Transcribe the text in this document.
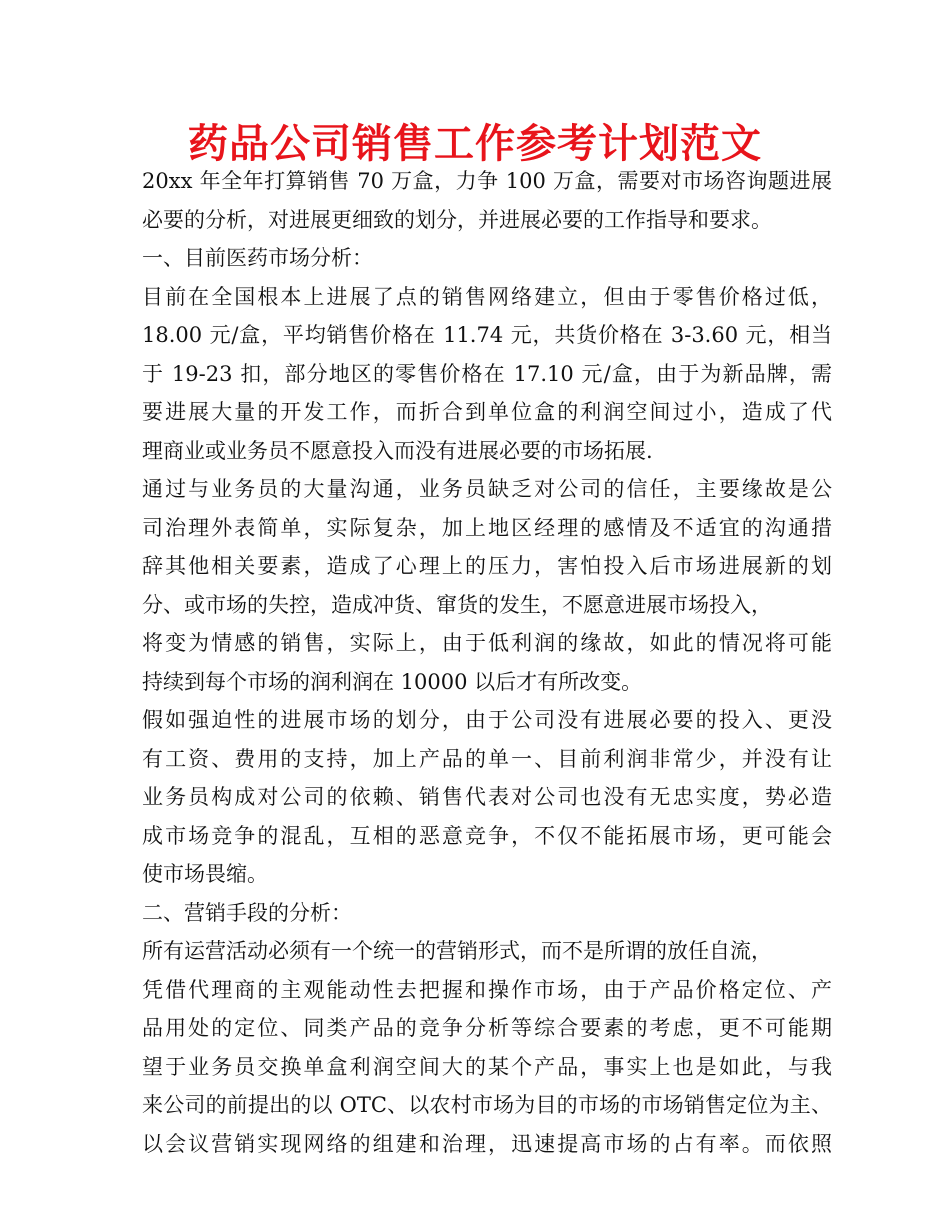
药品公司销售工作参考计划范文
20xx 年全年打算销售 70 万盒，力争 100 万盒，需要对市场咨询题进展
必要的分析，对进展更细致的划分，并进展必要的工作指导和要求。
一、目前医药市场分析：
目前在全国根本上进展了点的销售网络建立，但由于零售价格过低，
18.00 元/盒，平均销售价格在 11.74 元，共货价格在 3-3.60 元，相当
于 19-23 扣，部分地区的零售价格在 17.10 元/盒，由于为新品牌，需
要进展大量的开发工作，而折合到单位盒的利润空间过小，造成了代
理商业或业务员不愿意投入而没有进展必要的市场拓展.
通过与业务员的大量沟通，业务员缺乏对公司的信任，主要缘故是公
司治理外表简单，实际复杂，加上地区经理的感情及不适宜的沟通措
辞其他相关要素，造成了心理上的压力，害怕投入后市场进展新的划
分、或市场的失控，造成冲货、窜货的发生，不愿意进展市场投入，
将变为情感的销售，实际上，由于低利润的缘故，如此的情况将可能
持续到每个市场的润利润在 10000 以后才有所改变。
假如强迫性的进展市场的划分，由于公司没有进展必要的投入、更没
有工资、费用的支持，加上产品的单一、目前利润非常少，并没有让
业务员构成对公司的依赖、销售代表对公司也没有无忠实度，势必造
成市场竞争的混乱，互相的恶意竞争，不仅不能拓展市场，更可能会
使市场畏缩。
二、营销手段的分析：
所有运营活动必须有一个统一的营销形式，而不是所谓的放任自流，
凭借代理商的主观能动性去把握和操作市场，由于产品价格定位、产
品用处的定位、同类产品的竞争分析等综合要素的考虑，更不可能期
望于业务员交换单盒利润空间大的某个产品，事实上也是如此，与我
来公司的前提出的以 OTC、以农村市场为目的市场的市场销售定位为主、
以会议营销实现网络的组建和治理，迅速提高市场的占有率。而依照
